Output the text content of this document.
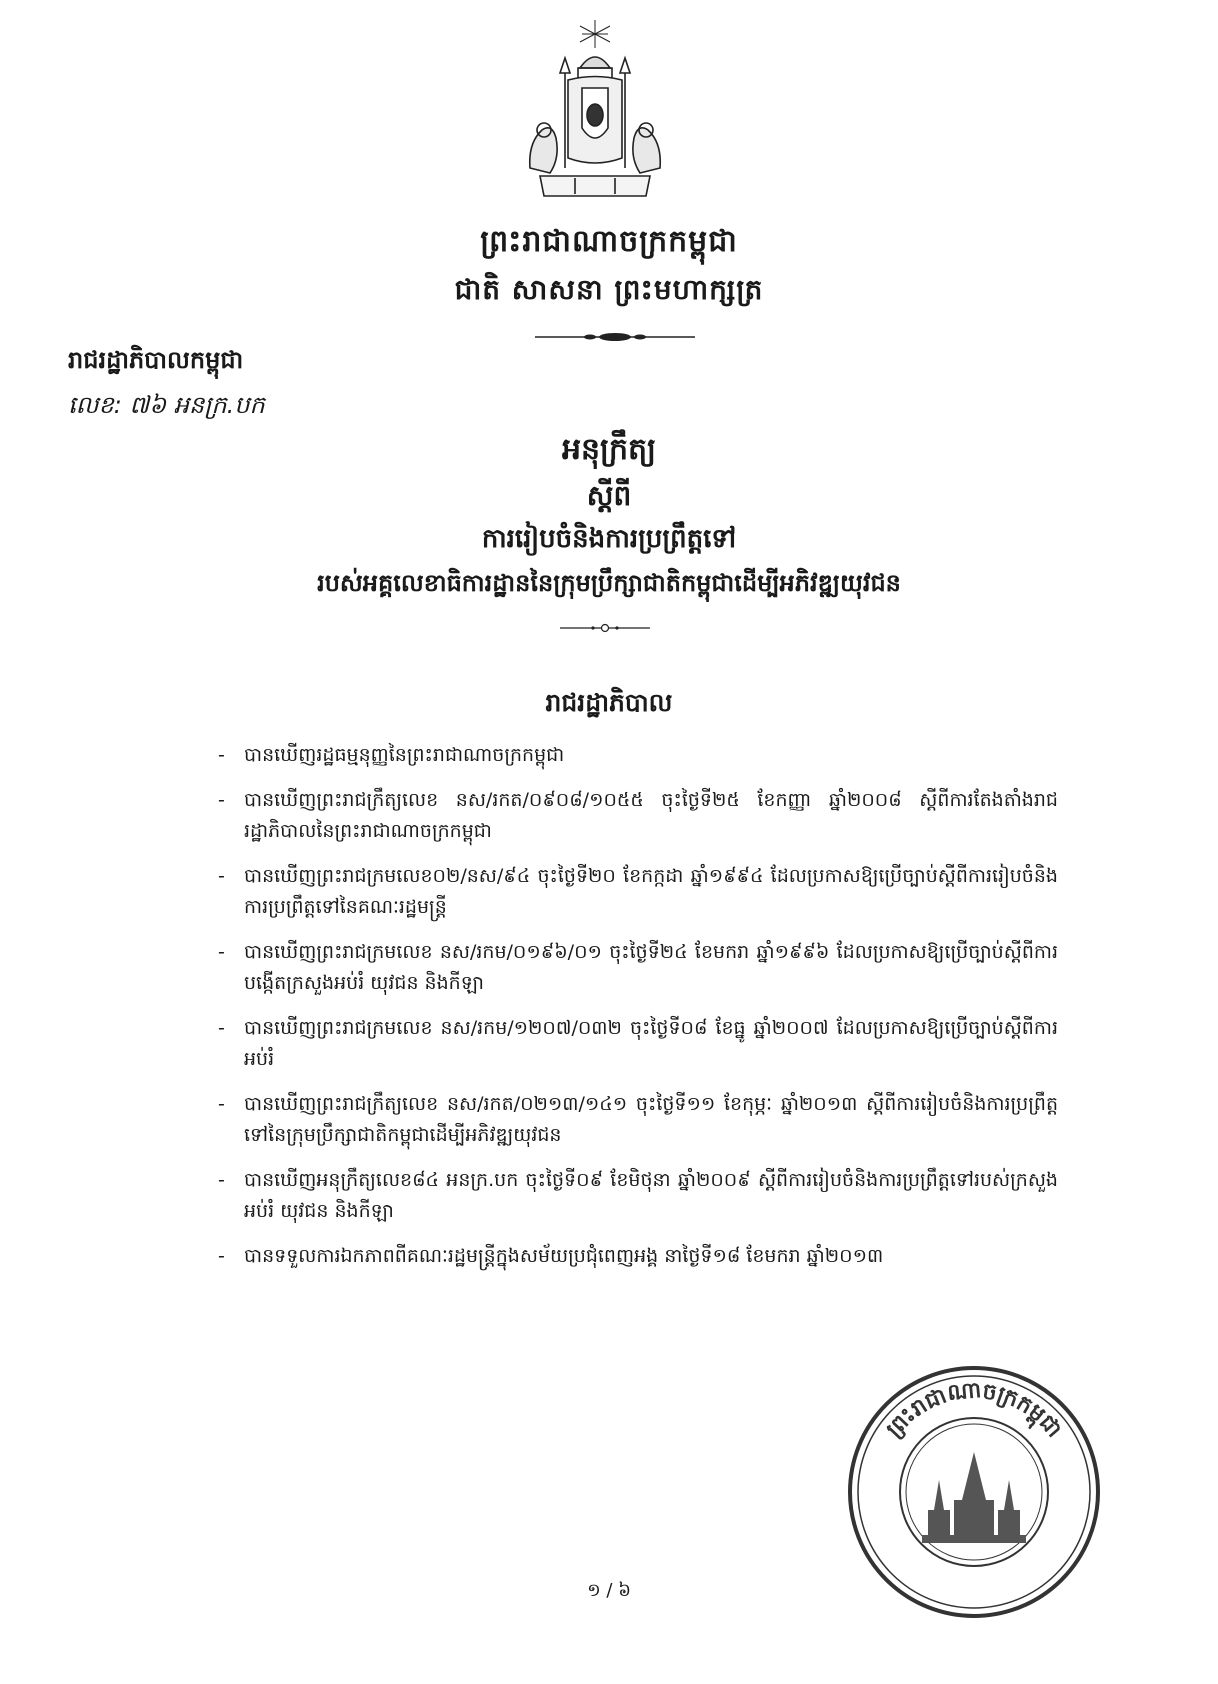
ព្រះរាជាណាចក្រកម្ពុជា
ជាតិ សាសនា ព្រះមហាក្សត្រ
រាជរដ្ឋាភិបាលកម្ពុជា
លេខ: ៧៦ អនក្រ.បក
អនុក្រឹត្យ
ស្តីពី
ការរៀបចំនិងការប្រព្រឹត្តទៅ
របស់អគ្គលេខាធិការដ្ឋាននៃក្រុមប្រឹក្សាជាតិកម្ពុជាដើម្បីអភិវឌ្ឍយុវជន
រាជរដ្ឋាភិបាល
- បានឃើញរដ្ឋធម្មនុញ្ញនៃព្រះរាជាណាចក្រកម្ពុជា
- បានឃើញព្រះរាជក្រឹត្យលេខ នស/រកត/០៩០៨/១០៥៥ ចុះថ្ងៃទី២៥ ខែកញ្ញា ឆ្នាំ២០០៨ ស្តីពីការតែងតាំងរាជរដ្ឋាភិបាលនៃព្រះរាជាណាចក្រកម្ពុជា
- បានឃើញព្រះរាជក្រមលេខ០២/នស/៩៤ ចុះថ្ងៃទី២០ ខែកក្កដា ឆ្នាំ១៩៩៤ ដែលប្រកាសឱ្យប្រើច្បាប់ស្តីពីការរៀបចំនិងការប្រព្រឹត្តទៅនៃគណៈរដ្ឋមន្ត្រី
- បានឃើញព្រះរាជក្រមលេខ នស/រកម/០១៩៦/០១ ចុះថ្ងៃទី២៤ ខែមករា ឆ្នាំ១៩៩៦ ដែលប្រកាសឱ្យប្រើច្បាប់ស្តីពីការបង្កើតក្រសួងអប់រំ យុវជន និងកីឡា
- បានឃើញព្រះរាជក្រមលេខ នស/រកម/១២០៧/០៣២ ចុះថ្ងៃទី០៨ ខែធ្នូ ឆ្នាំ២០០៧ ដែលប្រកាសឱ្យប្រើច្បាប់ស្តីពីការអប់រំ
- បានឃើញព្រះរាជក្រឹត្យលេខ នស/រកត/០២១៣/១៤១ ចុះថ្ងៃទី១១ ខែកុម្ភៈ ឆ្នាំ២០១៣ ស្តីពីការរៀបចំនិងការប្រព្រឹត្តទៅនៃក្រុមប្រឹក្សាជាតិកម្ពុជាដើម្បីអភិវឌ្ឍយុវជន
- បានឃើញអនុក្រឹត្យលេខ៨៤ អនក្រ.បក ចុះថ្ងៃទី០៩ ខែមិថុនា ឆ្នាំ២០០៩ ស្តីពីការរៀបចំនិងការប្រព្រឹត្តទៅរបស់ក្រសួងអប់រំ យុវជន និងកីឡា
- បានទទួលការឯកភាពពីគណៈរដ្ឋមន្ត្រីក្នុងសម័យប្រជុំពេញអង្គ នាថ្ងៃទី១៨ ខែមករា ឆ្នាំ២០១៣
ព្រះរាជាណាចក្រកម្ពុជា
១ / ៦
